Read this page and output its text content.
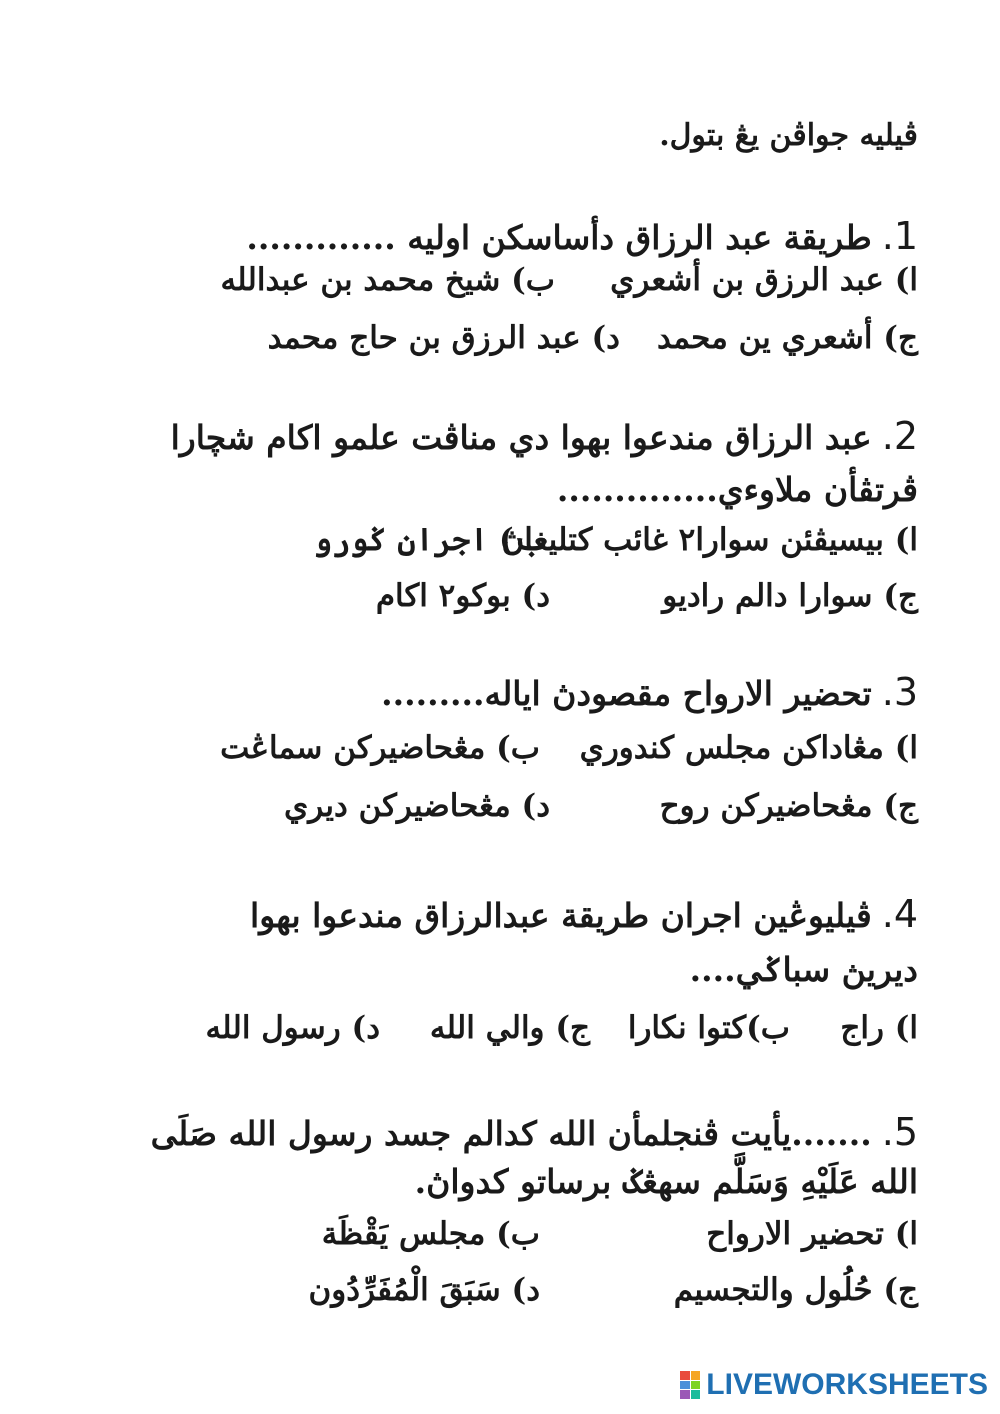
ڤيليه جواڤن يڠ بتول.
1.طريقة عبد الرزاق دأساسكن اوليه .............
ا) عبد الرزق بن أشعري
ب) شيخ محمد بن عبدالله
ج) أشعري ين محمد
د) عبد الرزق بن حاج محمد
2.عبد الرزاق مندعوا بهوا دي مناڤت علمو اكام شچارا
ڤرتڤأن ملاوءي..............
ا) بيسيڤئن سوارا٢ غائب كتليغاڽ
ب) اجران ݢورو
ج) سوارا دالم راديو
د) بوكو٢ اكام
3.تحضير الارواح مقصودڽ اياله.........
ا) مڠاداكن مجلس كندوري
ب) مڠحاضيركن سماڠت
ج) مڠحاضيركن روح
د) مڠحاضيركن ديري
4.ڤيليوڠين اجران طريقة عبدالرزاق مندعوا بهوا
ديريڽ سباݢي....
ا) راج
ب)كتوا نكارا
ج) والي الله
د) رسول الله
5........يأيت ڤنجلمأن الله كدالم جسد رسول الله صَلَى
الله عَلَيْهِ وَسَلَّم سهڠݢ برساتو كدواڽ.
ا) تحضير الارواح
ب) مجلس يَقْظَة
ج) حُلُول والتجسيم
د) سَبَقَ الْمُفَرِّدُون
LIVEWORKSHEETS
